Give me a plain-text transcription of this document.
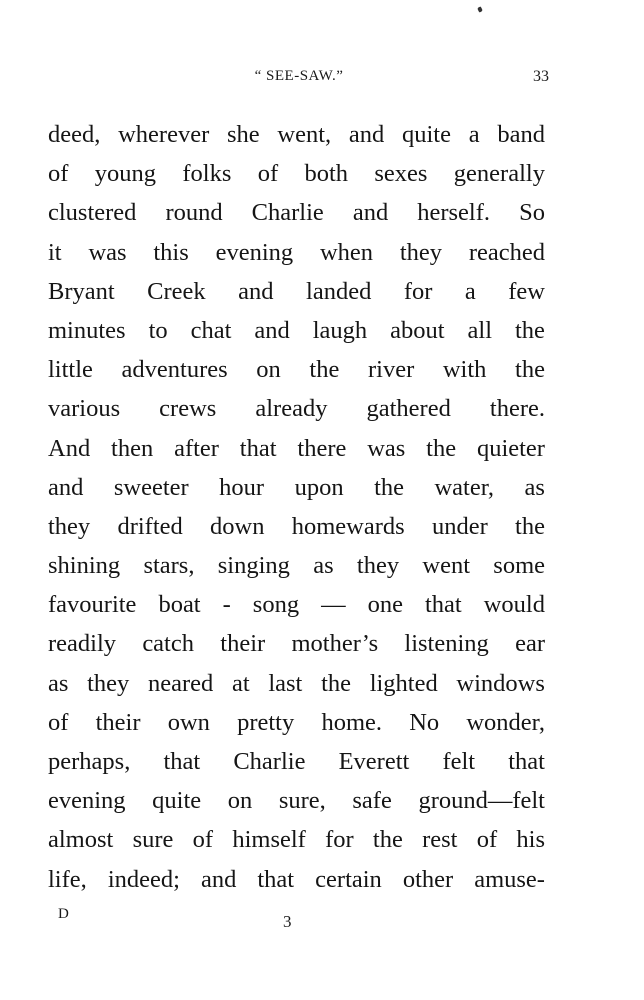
“ SEE-SAW.”	33
deed, wherever she went, and quite a band
of young folks of both sexes generally
clustered round Charlie and herself. So
it was this evening when they reached
Bryant Creek and landed for a few
minutes to chat and laugh about all the
little adventures on the river with the
various crews already gathered there.
And then after that there was the quieter
and sweeter hour upon the water, as
they drifted down homewards under the
shining stars, singing as they went some
favourite boat - song — one that would
readily catch their mother’s listening ear
as they neared at last the lighted windows
of their own pretty home. No wonder,
perhaps, that Charlie Everett felt that
evening quite on sure, safe ground—felt
almost sure of himself for the rest of his
life, indeed; and that certain other amuse-
D	3
